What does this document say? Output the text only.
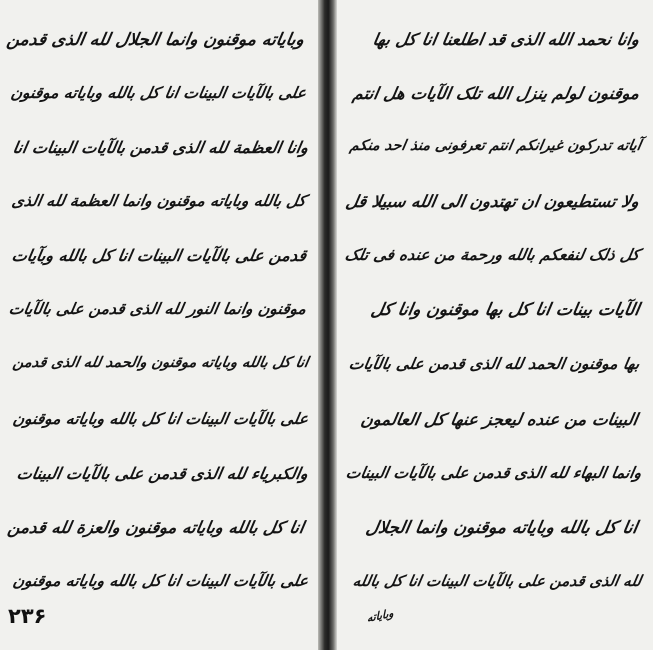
وبایاته موقنون وانما الجلال لله الذی قدمن
علی بالآیات البینات انا کل بالله وبایاته موقنون
وانا العظمة لله الذی قدمن بالآیات البینات انا
کل بالله وبایاته موقنون وانما العظمة لله الذی
قدمن علی بالآیات البینات انا کل بالله وبآیات
موقنون وانما النور لله الذی قدمن علی بالآیات
انا کل بالله وبایاته موقنون والحمد لله الذی قدمن
علی بالآیات البینات انا کل بالله وبایاته موقنون
والکبریاء لله الذی قدمن علی بالآیات البینات
انا کل بالله وبایاته موقنون والعزة لله قدمن
علی بالآیات البینات انا کل بالله وبایاته موقنون
۲۳۶
وانا نحمد الله الذی قد اطلعنا انا کل بها
موقنون لولم ینزل الله تلک الآیات هل انتم
آیاته تدرکون غیرانکم انتم تعرفونی منذ احد منکم
ولا تستطیعون ان تهتدون الی الله سبیلا قل
کل ذلک لنفعکم بالله ورحمة من عنده فی تلک
الآیات بینات انا کل بها موقنون وانا کل
بها موقنون الحمد لله الذی قدمن علی بالآیات
البینات من عنده لیعجز عنها کل العالمون
وانما البهاء لله الذی قدمن علی بالآیات البینات
انا کل بالله وبایاته موقنون وانما الجلال
لله الذی قدمن علی بالآیات البینات انا کل بالله
وبایاته
